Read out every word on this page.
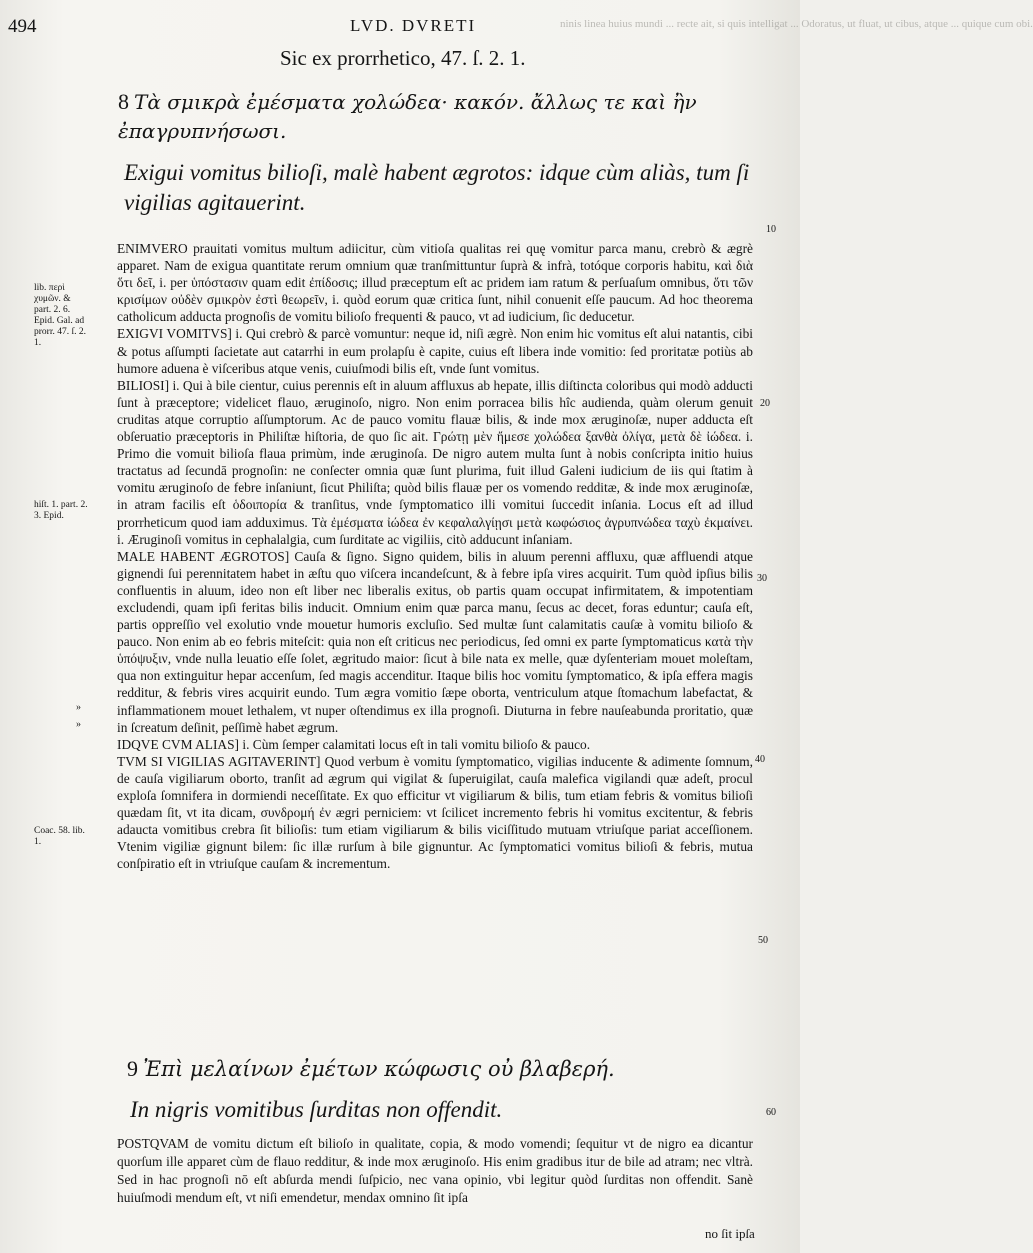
ninis linea huius mundi ... recte ait, si quis intelligat ... Odoratus, ut fluat, ut cibus, atque ... quique cum obi.
494	LVD. DVRETI
Sic ex prorrhetico, 47. ſ. 2. 1.
8 Τὰ σμικρὰ ἐμέσματα χολώδεα· κακόν. ἄλλως τε καὶ ἢν ἐπαγρυπνήσωσι.
Exigui vomitus bilioſi, malè habent ægrotos: idque cùm aliàs, tum ſi vigilias agitauerint.

ENIMVERO prauitati vomitus multum adiicitur, cùm vitioſa qualitas rei quę vomitur parca manu, crebrò & ægrè apparet. Nam de exigua quantitate rerum omnium quæ tranſmittuntur ſuprà & infrà, totóque corporis habitu, καὶ διὰ ὅτι δεῖ, i. per ὑπόστασιν quam edit ἐπίδοσις; illud præceptum eſt ac pridem iam ratum & perſuaſum omnibus, ὅτι τῶν κρισίμων οὐδὲν σμικρὸν ἐστὶ θεωρεῖν, i. quòd eorum quæ critica ſunt, nihil conuenit eſſe paucum. Ad hoc theorema catholicum adducta prognoſis de vomitu bilioſo frequenti & pauco, vt ad iudicium, ſic deducetur.

EXIGVI VOMITVS] i. Qui crebrò & parcè vomuntur: neque id, niſi ægrè. Non enim hic vomitus eſt alui natantis, cibi & potus aſſumpti ſacietate aut catarrhi in eum prolapſu è capite, cuius eſt libera inde vomitio: ſed proritatæ potiùs ab humore aduena è viſceribus atque venis, cuiuſmodi bilis eſt, vnde ſunt vomitus.

BILIOSI] i. Qui à bile cientur, cuius perennis eſt in aluum affluxus ab hepate, illis diſtincta coloribus qui modò adducti ſunt à præceptore; videlicet flauo, æruginoſo, nigro. Non enim porracea bilis hîc audienda, quàm olerum genuit cruditas atque corruptio aſſumptorum. Ac de pauco vomitu flauæ bilis, & inde mox æruginoſæ, nuper adducta eſt obſeruatio præceptoris in Philiſtæ hiſtoria, de quo ſic ait. Γρώτῃ μὲν ἤμεσε χολώδεα ξανθὰ ὀλίγα, μετὰ δὲ ἰώδεα. i. Primo die vomuit bilioſa flaua primùm, inde æruginoſa. De nigro autem multa ſunt à nobis conſcripta initio huius tractatus ad ſecundā prognoſin: ne conſecter omnia quæ ſunt plurima, fuit illud Galeni iudicium de iis qui ſtatim à vomitu æruginoſo de febre inſaniunt, ſicut Philiſta; quòd bilis flauæ per os vomendo redditæ, & inde mox æruginoſæ, in atram facilis eſt ὁδοιπορία & tranſitus, vnde ſymptomatico illi vomitui ſuccedit inſania. Locus eſt ad illud prorrheticum quod iam adduximus. Τὰ ἐμέσματα ἰώδεα ἐν κεφαλαλγίῃσι μετὰ κωφώσιος ἀγρυπνώδεα ταχὺ ἐκμαίνει. i. Æruginoſi vomitus in cephalalgia, cum ſurditate ac vigiliis, citò adducunt inſaniam.

MALE HABENT ÆGROTOS] Cauſa & ſigno. Signo quidem, bilis in aluum perenni affluxu, quæ affluendi atque gignendi ſui perennitatem habet in æſtu quo viſcera incandeſcunt, & à febre ipſa vires acquirit. Tum quòd ipſius bilis confluentis in aluum, ideo non eſt liber nec liberalis exitus, ob partis quam occupat infirmitatem, & impotentiam excludendi, quam ipſi feritas bilis inducit. Omnium enim quæ parca manu, ſecus ac decet, foras eduntur; cauſa eſt, partis oppreſſio vel exolutio vnde mouetur humoris excluſio. Sed multæ ſunt calamitatis cauſæ à vomitu bilioſo & pauco. Non enim ab eo febris miteſcit: quia non eſt criticus nec periodicus, ſed omni ex parte ſymptomaticus κατὰ τὴν ὑπόψυξιν, vnde nulla leuatio eſſe ſolet, ægritudo maior: ſicut à bile nata ex melle, quæ dyſenteriam mouet moleſtam, qua non extinguitur hepar accenſum, ſed magis accenditur. Itaque bilis hoc vomitu ſymptomatico, & ipſa effera magis redditur, & febris vires acquirit eundo. Tum ægra vomitio ſæpe oborta, ventriculum atque ſtomachum labefactat, & inflammationem mouet lethalem, vt nuper oſtendimus ex illa prognoſi. Diuturna in febre nauſeabunda proritatio, quæ in ſcreatum deſinit, peſſimè habet ægrum.

IDQVE CVM ALIAS] i. Cùm ſemper calamitati locus eſt in tali vomitu bilioſo & pauco.

TVM SI VIGILIAS AGITAVERINT] Quod verbum è vomitu ſymptomatico, vigilias inducente & adimente ſomnum, de cauſa vigiliarum oborto, tranſit ad ægrum qui vigilat & ſuperuigilat, cauſa malefica vigilandi quæ adeſt, procul exploſa ſomnifera in dormiendi neceſſitate. Ex quo efficitur vt vigiliarum & bilis, tum etiam febris & vomitus bilioſi quædam ſit, vt ita dicam, συνδρομή ἐν ægri perniciem: vt ſcilicet incremento febris hi vomitus excitentur, & febris adaucta vomitibus crebra ſit bilioſis: tum etiam vigiliarum & bilis viciſſitudo mutuam vtriuſque pariat acceſſionem. Vtenim vigiliæ gignunt bilem: ſic illæ rurſum à bile gignuntur. Ac ſymptomatici vomitus bilioſi & febris, mutua conſpiratio eſt in vtriuſque cauſam & incrementum.

lib. περὶ χυμῶν. & part. 2. 6. Epid. Gal. ad prorr. 47. ſ. 2. 1.
hiſt. 1. part. 2. 3. Epid.
Coac. 58. lib. 1.
»
»
10
20
30
40
50
60
9 Ἐπὶ μελαίνων ἐμέτων κώφωσις οὐ βλαβερή.
In nigris vomitibus ſurditas non offendit.

POSTQVAM de vomitu dictum eſt bilioſo in qualitate, copia, & modo vomendi; ſequitur vt de nigro ea dicantur quorſum ille apparet cùm de flauo redditur, & inde mox æruginoſo. His enim gradibus itur de bile ad atram; nec vltrà. Sed in hac prognoſi nō eſt abſurda mendi ſuſpicio, nec vana opinio, vbi legitur quòd ſurditas non offendit. Sanè huiuſmodi mendum eſt, vt niſi emendetur, mendax omnino ſit ipſa

no ſit ipſa
